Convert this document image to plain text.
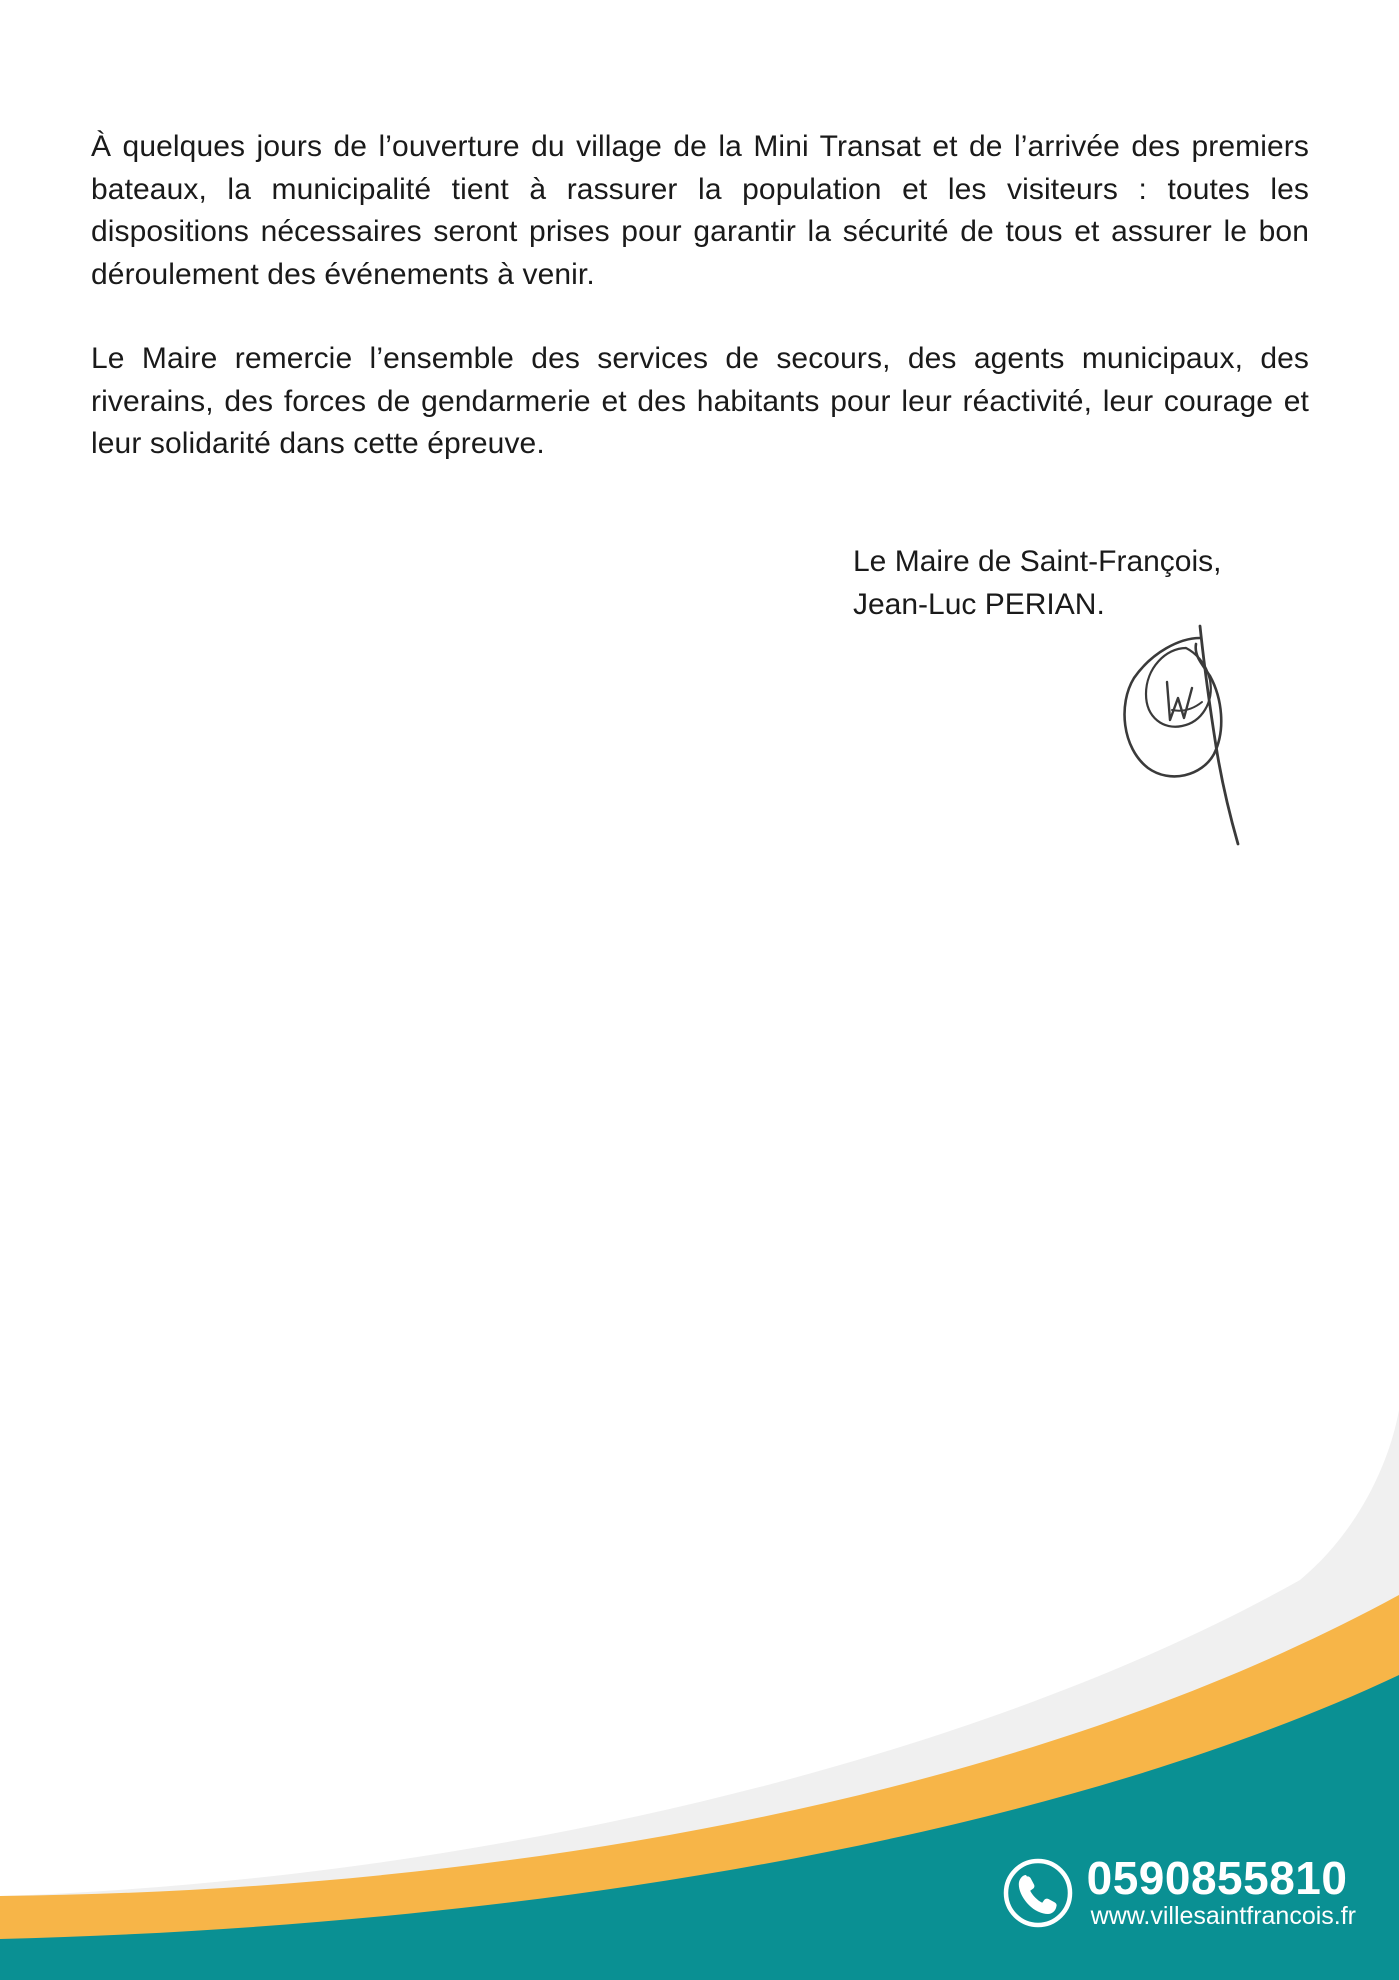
À quelques jours de l’ouverture du village de la Mini Transat et de l’arrivée des premiers bateaux, la municipalité tient à rassurer la population et les visiteurs : toutes les dispositions nécessaires seront prises pour garantir la sécurité de tous et assurer le bon déroulement des événements à venir.

Le Maire remercie l’ensemble des services de secours, des agents municipaux, des riverains, des forces de gendarmerie et des habitants pour leur réactivité, leur courage et leur solidarité dans cette épreuve.

Le Maire de Saint-François,
Jean-Luc PERIAN.
0590855810
www.villesaintfrancois.fr
